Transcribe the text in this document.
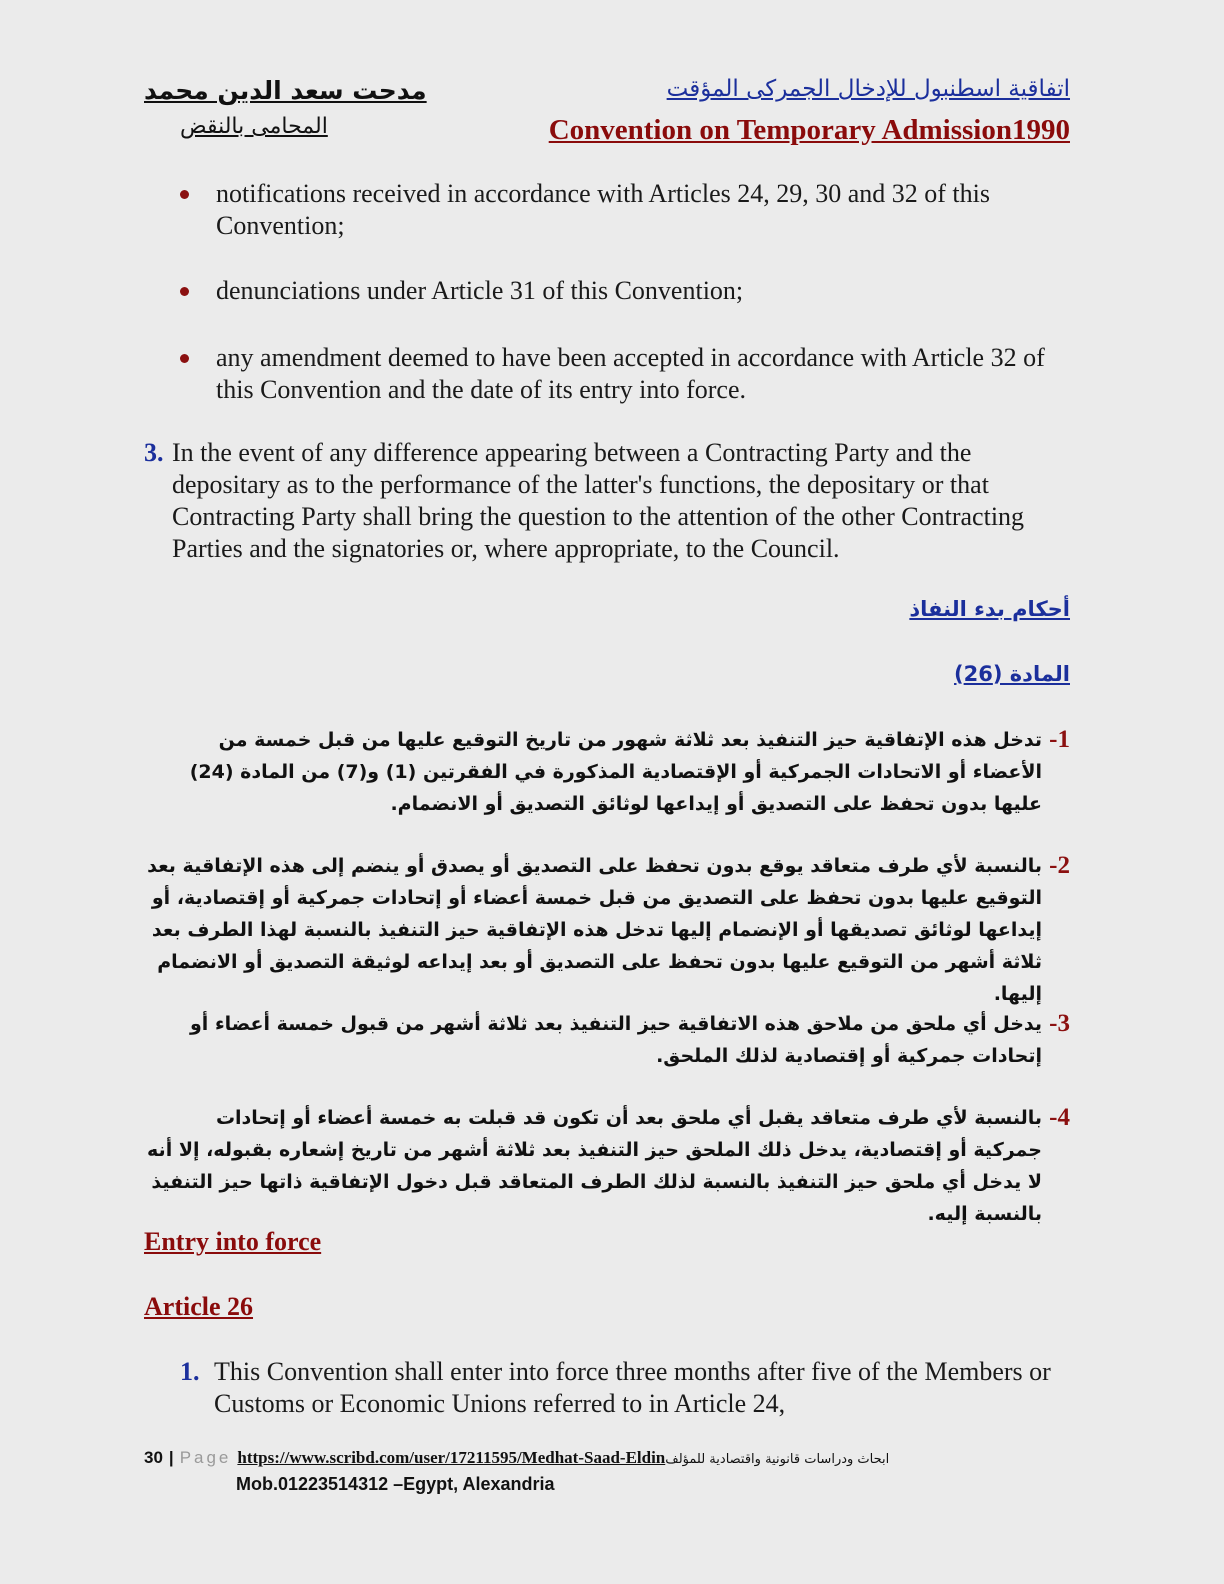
اتفاقية اسطنبول للإدخال الجمركى المؤقت
Convention on Temporary Admission1990
مدحت سعد الدين محمد
المحامى بالنقض
notifications received in accordance with Articles 24, 29, 30 and 32 of this Convention;
denunciations under Article 31 of this Convention;
any amendment deemed to have been accepted in accordance with Article 32 of this Convention and the date of its entry into force.
3. In the event of any difference appearing between a Contracting Party and the depositary as to the performance of the latter's functions, the depositary or that Contracting Party shall bring the question to the attention of the other Contracting Parties and the signatories or, where appropriate, to the Council.
أحكام بدء النفاذ
المادة (26)
1-
تدخل هذه الإتفاقية حيز التنفيذ بعد ثلاثة شهور من تاريخ التوقيع عليها من قبل خمسة من الأعضاء أو الاتحادات الجمركية أو الإقتصادية المذكورة في الفقرتين (1) و(7) من المادة (24) عليها بدون تحفظ على التصديق أو إيداعها لوثائق التصديق أو الانضمام.
2-
بالنسبة لأي طرف متعاقد يوقع بدون تحفظ على التصديق أو يصدق أو ينضم إلى هذه الإتفاقية بعد التوقيع عليها بدون تحفظ على التصديق من قبل خمسة أعضاء أو إتحادات جمركية أو إقتصادية، أو إيداعها لوثائق تصديقها أو الإنضمام إليها تدخل هذه الإتفاقية حيز التنفيذ بالنسبة لهذا الطرف بعد ثلاثة أشهر من التوقيع عليها بدون تحفظ على التصديق أو بعد إيداعه لوثيقة التصديق أو الانضمام إليها.
3-
يدخل أي ملحق من ملاحق هذه الاتفاقية حيز التنفيذ بعد ثلاثة أشهر من قبول خمسة أعضاء أو إتحادات جمركية أو إقتصادية لذلك الملحق.
4-
بالنسبة لأي طرف متعاقد يقبل أي ملحق بعد أن تكون قد قبلت به خمسة أعضاء أو إتحادات جمركية أو إقتصادية، يدخل ذلك الملحق حيز التنفيذ بعد ثلاثة أشهر من تاريخ إشعاره بقبوله، إلا أنه لا يدخل أي ملحق حيز التنفيذ بالنسبة لذلك الطرف المتعاقد قبل دخول الإتفاقية ذاتها حيز التنفيذ بالنسبة إليه.
Entry into force
Article 26
1. This Convention shall enter into force three months after five of the Members or Customs or Economic Unions referred to in Article 24,
30 | Page https://www.scribd.com/user/17211595/Medhat-Saad-Eldin ابحاث ودراسات قانونية واقتصادية للمؤلف
Mob.01223514312 –Egypt, Alexandria
